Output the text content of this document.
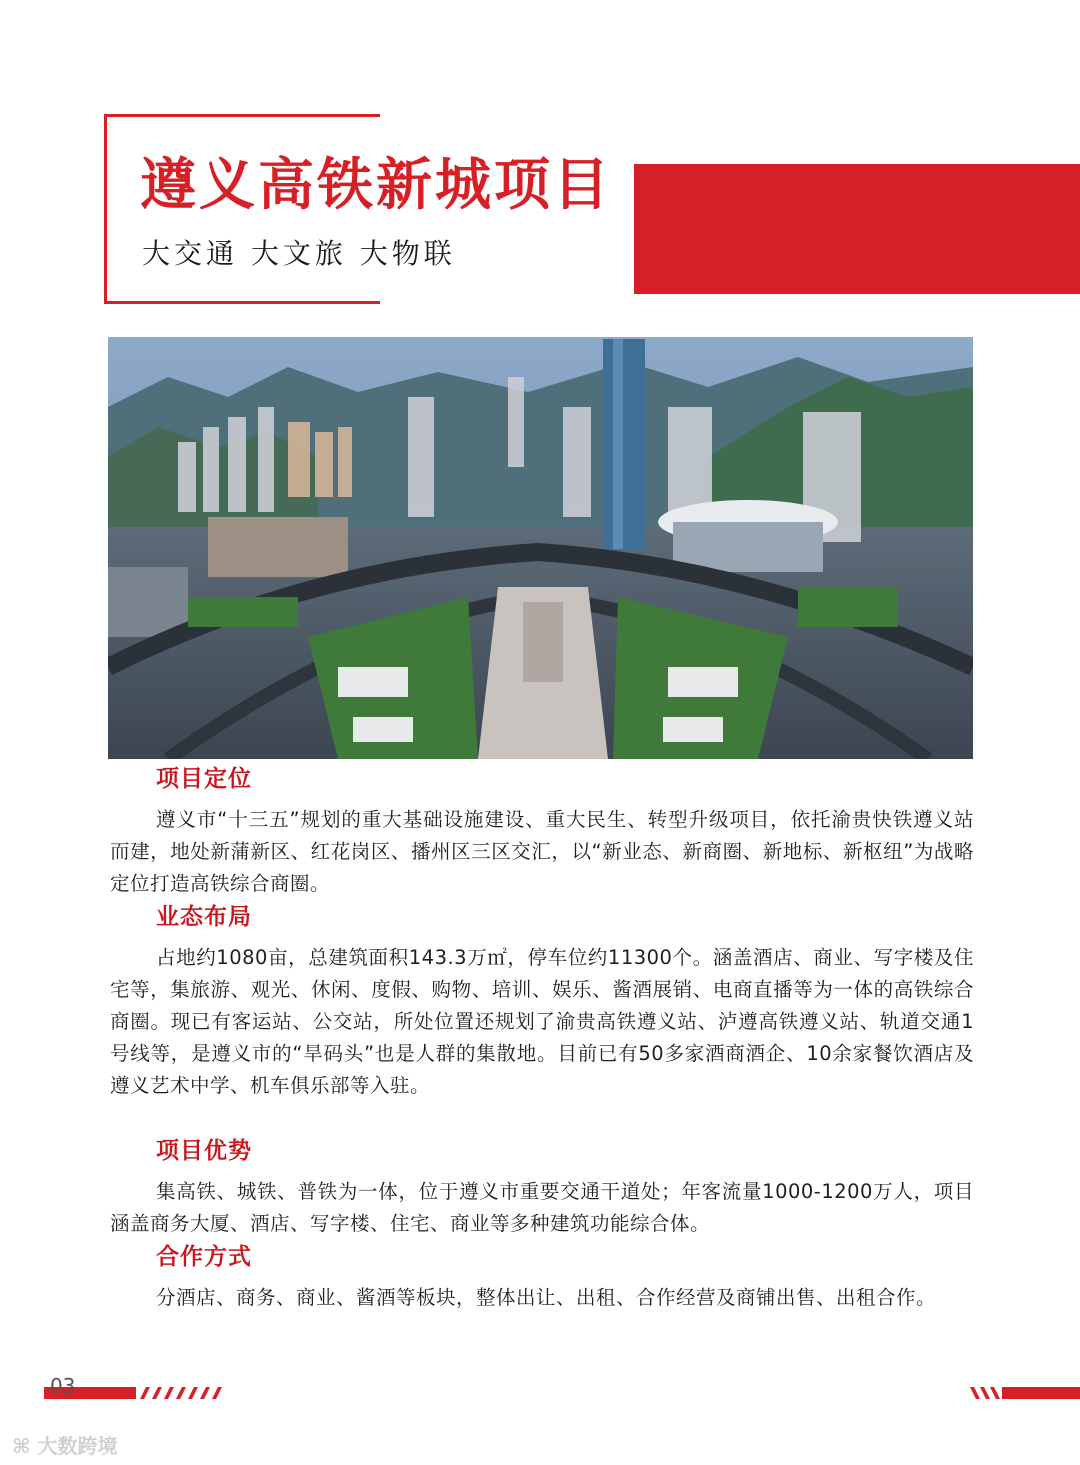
遵义高铁新城项目
大交通 大文旅 大物联
项目定位

遵义市“十三五”规划的重大基础设施建设、重大民生、转型升级项目，依托渝贵快铁遵义站而建，地处新蒲新区、红花岗区、播州区三区交汇，以“新业态、新商圈、新地标、新枢纽”为战略定位打造高铁综合商圈。

业态布局

占地约1080亩，总建筑面积143.3万㎡，停车位约11300个。涵盖酒店、商业、写字楼及住宅等，集旅游、观光、休闲、度假、购物、培训、娱乐、酱酒展销、电商直播等为一体的高铁综合商圈。现已有客运站、公交站，所处位置还规划了渝贵高铁遵义站、泸遵高铁遵义站、轨道交通1号线等，是遵义市的“旱码头”也是人群的集散地。目前已有50多家酒商酒企、10余家餐饮酒店及遵义艺术中学、机车俱乐部等入驻。

项目优势

集高铁、城铁、普铁为一体，位于遵义市重要交通干道处；年客流量1000-1200万人，项目涵盖商务大厦、酒店、写字楼、住宅、商业等多种建筑功能综合体。

合作方式

分酒店、商务、商业、酱酒等板块，整体出让、出租、合作经营及商铺出售、出租合作。

03
⌘ 大数跨境
